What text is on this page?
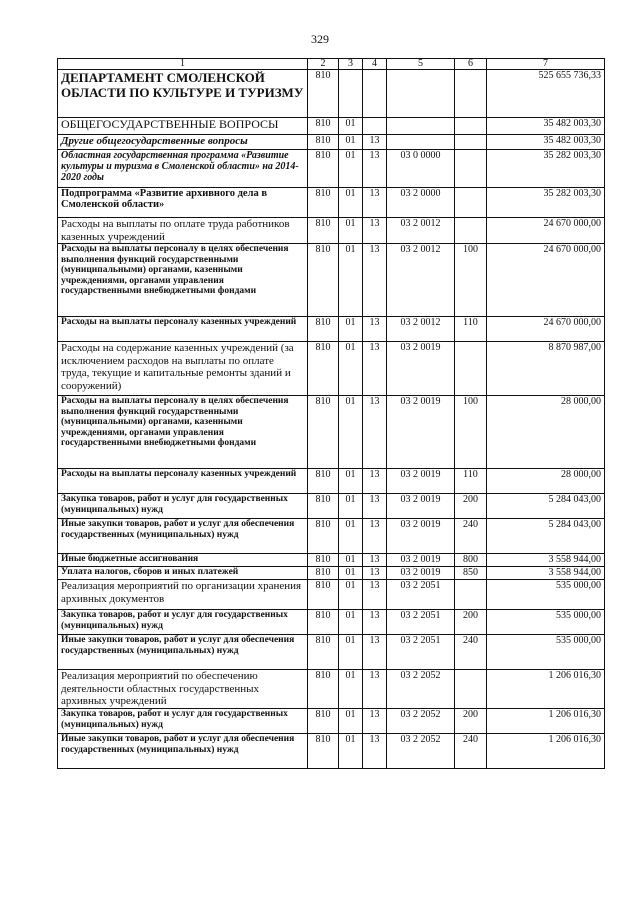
329
1	2	3	4	5	6	7
ДЕПАРТАМЕНТ СМОЛЕНСКОЙ ОБЛАСТИ ПО КУЛЬТУРЕ И ТУРИЗМУ	810					525 655 736,33
ОБЩЕГОСУДАРСТВЕННЫЕ ВОПРОСЫ	810	01				35 482 003,30
Другие общегосударственные вопросы	810	01	13			35 482 003,30
Областная государственная программа «Развитие культуры и туризма в Смоленской области» на 2014-2020 годы	810	01	13	03 0 0000		35 282 003,30
Подпрограмма «Развитие архивного дела в Смоленской области»	810	01	13	03 2 0000		35 282 003,30
Расходы на выплаты по оплате труда работников казенных учреждений	810	01	13	03 2 0012		24 670 000,00
Расходы на выплаты персоналу в целях обеспечения выполнения функций государственными (муниципальными) органами, казенными учреждениями, органами управления государственными внебюджетными фондами	810	01	13	03 2 0012	100	24 670 000,00
Расходы на выплаты персоналу казенных учреждений	810	01	13	03 2 0012	110	24 670 000,00
Расходы на содержание казенных учреждений (за исключением расходов на выплаты по оплате труда, текущие и капитальные ремонты зданий и сооружений)	810	01	13	03 2 0019		8 870 987,00
Расходы на выплаты персоналу в целях обеспечения выполнения функций государственными (муниципальными) органами, казенными учреждениями, органами управления государственными внебюджетными фондами	810	01	13	03 2 0019	100	28 000,00
Расходы на выплаты персоналу казенных учреждений	810	01	13	03 2 0019	110	28 000,00
Закупка товаров, работ и услуг для государственных (муниципальных) нужд	810	01	13	03 2 0019	200	5 284 043,00
Иные закупки товаров, работ и услуг для обеспечения государственных (муниципальных) нужд	810	01	13	03 2 0019	240	5 284 043,00
Иные бюджетные ассигнования	810	01	13	03 2 0019	800	3 558 944,00
Уплата налогов, сборов и иных платежей	810	01	13	03 2 0019	850	3 558 944,00
Реализация мероприятий по организации хранения архивных документов	810	01	13	03 2 2051		535 000,00
Закупка товаров, работ и услуг для государственных (муниципальных) нужд	810	01	13	03 2 2051	200	535 000,00
Иные закупки товаров, работ и услуг для обеспечения государственных (муниципальных) нужд	810	01	13	03 2 2051	240	535 000,00
Реализация мероприятий по обеспечению деятельности областных государственных архивных учреждений	810	01	13	03 2 2052		1 206 016,30
Закупка товаров, работ и услуг для государственных (муниципальных) нужд	810	01	13	03 2 2052	200	1 206 016,30
Иные закупки товаров, работ и услуг для обеспечения государственных (муниципальных) нужд	810	01	13	03 2 2052	240	1 206 016,30
